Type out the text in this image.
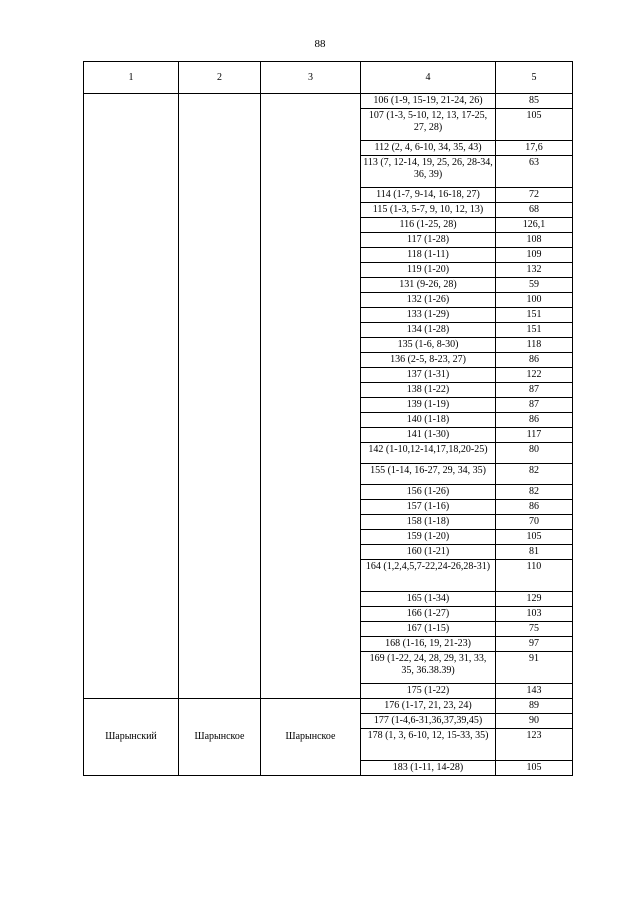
88
1	2	3	4	5
			106 (1-9, 15-19, 21-24, 26)	85
			107 (1-3, 5-10, 12, 13, 17-25, 27, 28)	105
			112 (2, 4, 6-10, 34, 35, 43)	17,6
			113 (7, 12-14, 19, 25, 26, 28-34, 36, 39)	63
			114 (1-7, 9-14, 16-18, 27)	72
			115 (1-3, 5-7, 9, 10, 12, 13)	68
			116 (1-25, 28)	126,1
			117 (1-28)	108
			118 (1-11)	109
			119 (1-20)	132
			131 (9-26, 28)	59
			132 (1-26)	100
			133 (1-29)	151
			134 (1-28)	151
			135 (1-6, 8-30)	118
			136 (2-5, 8-23, 27)	86
			137 (1-31)	122
			138 (1-22)	87
			139 (1-19)	87
			140 (1-18)	86
			141 (1-30)	117
			142 (1-10,12-14,17,18,20-25)	80
			155 (1-14, 16-27, 29, 34, 35)	82
			156 (1-26)	82
			157 (1-16)	86
			158 (1-18)	70
			159 (1-20)	105
			160 (1-21)	81
			164 (1,2,4,5,7-22,24-26,28-31)	110
			165 (1-34)	129
			166 (1-27)	103
			167 (1-15)	75
			168 (1-16, 19, 21-23)	97
			169 (1-22, 24, 28, 29, 31, 33, 35, 36.38.39)	91
			175 (1-22)	143
Шарынский	Шарынское	Шарынское	176 (1-17, 21, 23, 24)	89
			177 (1-4,6-31,36,37,39,45)	90
			178 (1, 3, 6-10, 12, 15-33, 35)	123
			183 (1-11, 14-28)	105
